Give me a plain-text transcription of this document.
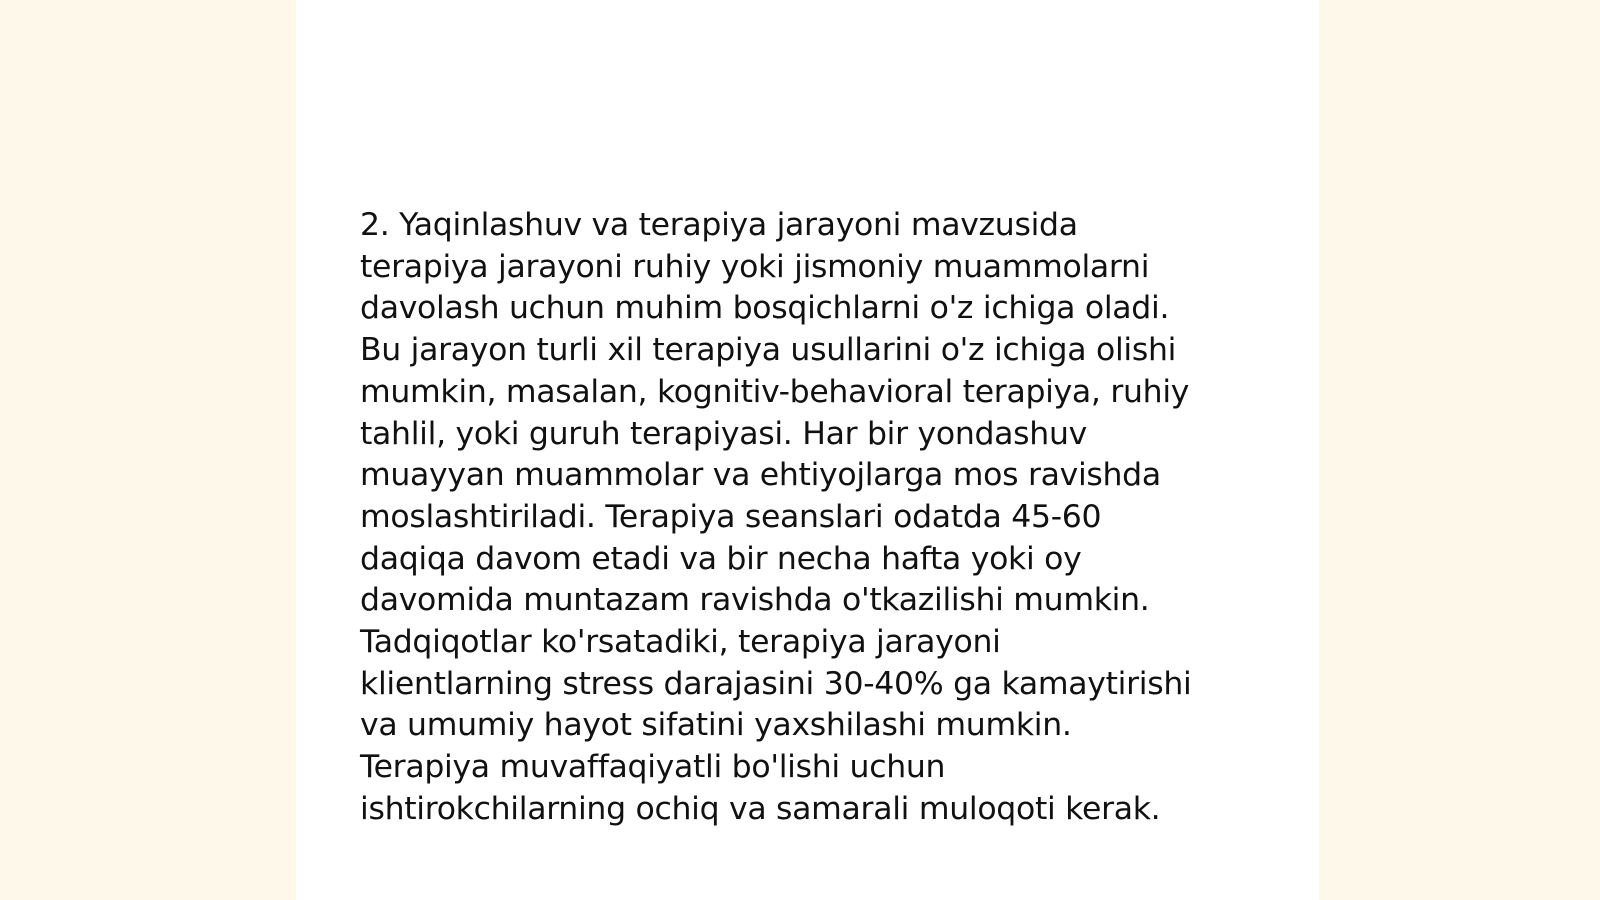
2. Yaqinlashuv va terapiya jarayoni mavzusida
terapiya jarayoni ruhiy yoki jismoniy muammolarni
davolash uchun muhim bosqichlarni o'z ichiga oladi.
Bu jarayon turli xil terapiya usullarini o'z ichiga olishi
mumkin, masalan, kognitiv-behavioral terapiya, ruhiy
tahlil, yoki guruh terapiyasi. Har bir yondashuv
muayyan muammolar va ehtiyojlarga mos ravishda
moslashtiriladi. Terapiya seanslari odatda 45-60
daqiqa davom etadi va bir necha hafta yoki oy
davomida muntazam ravishda o'tkazilishi mumkin.
Tadqiqotlar ko'rsatadiki, terapiya jarayoni
klientlarning stress darajasini 30-40% ga kamaytirishi
va umumiy hayot sifatini yaxshilashi mumkin.
Terapiya muvaffaqiyatli bo'lishi uchun
ishtirokchilarning ochiq va samarali muloqoti kerak.
